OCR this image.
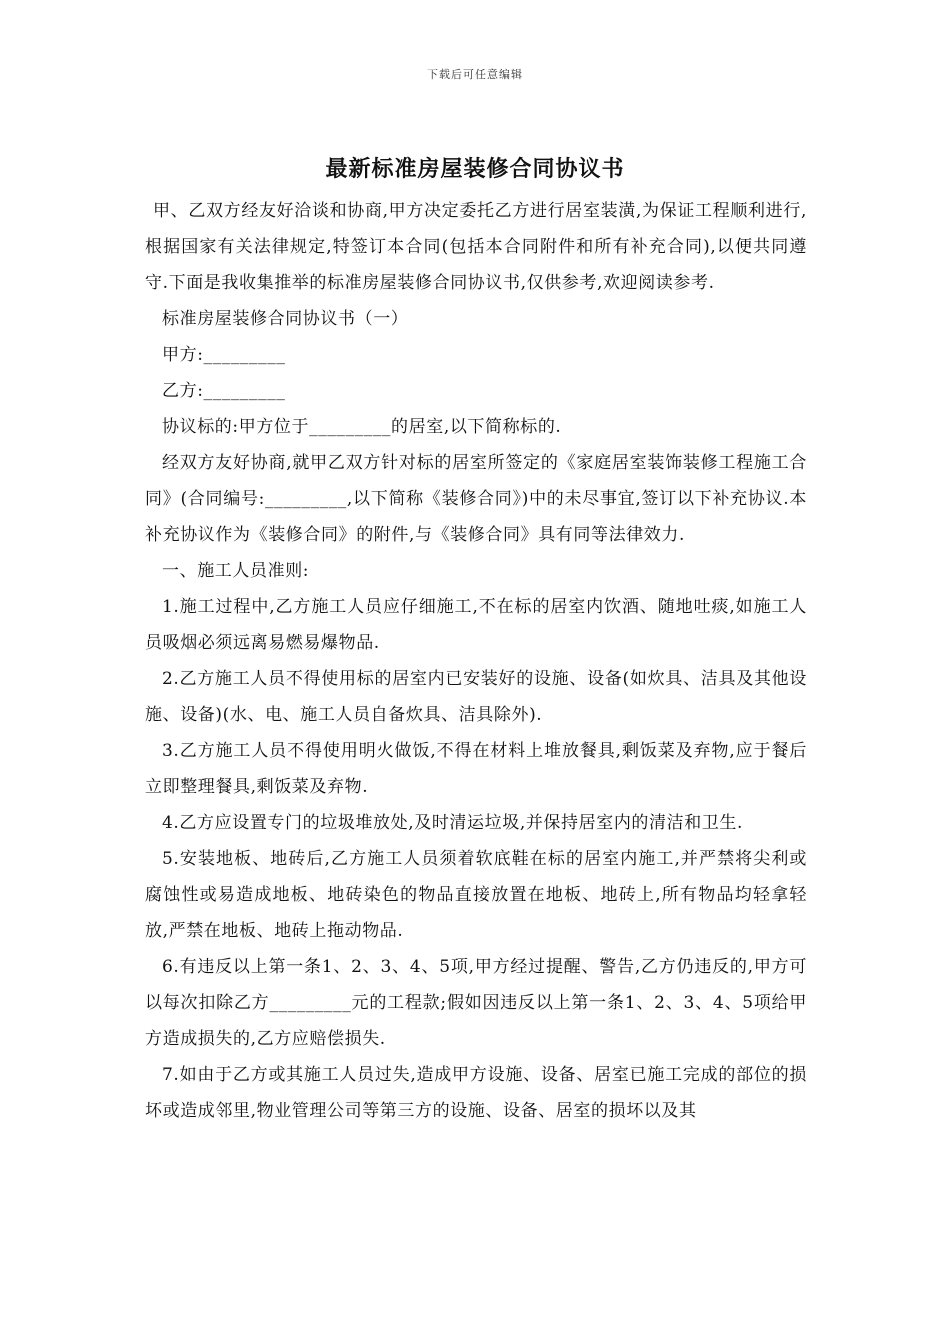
下载后可任意编辑
最新标准房屋装修合同协议书

甲、乙双方经友好洽谈和协商,甲方决定委托乙方进行居室装潢,为保证工程顺利进行,根据国家有关法律规定,特签订本合同(包括本合同附件和所有补充合同),以便共同遵守.下面是我收集推举的标准房屋装修合同协议书,仅供参考,欢迎阅读参考.

标准房屋装修合同协议书（一）

甲方:_________

乙方:_________

协议标的:甲方位于_________的居室,以下简称标的.

经双方友好协商,就甲乙双方针对标的居室所签定的《家庭居室装饰装修工程施工合同》(合同编号:_________,以下简称《装修合同》)中的未尽事宜,签订以下补充协议.本补充协议作为《装修合同》的附件,与《装修合同》具有同等法律效力.

一、施工人员准则:

1.施工过程中,乙方施工人员应仔细施工,不在标的居室内饮酒、随地吐痰,如施工人员吸烟必须远离易燃易爆物品.

2.乙方施工人员不得使用标的居室内已安装好的设施、设备(如炊具、洁具及其他设施、设备)(水、电、施工人员自备炊具、洁具除外).

3.乙方施工人员不得使用明火做饭,不得在材料上堆放餐具,剩饭菜及弃物,应于餐后立即整理餐具,剩饭菜及弃物.

4.乙方应设置专门的垃圾堆放处,及时清运垃圾,并保持居室内的清洁和卫生.

5.安装地板、地砖后,乙方施工人员须着软底鞋在标的居室内施工,并严禁将尖利或腐蚀性或易造成地板、地砖染色的物品直接放置在地板、地砖上,所有物品均轻拿轻放,严禁在地板、地砖上拖动物品.

6.有违反以上第一条1、2、3、4、5项,甲方经过提醒、警告,乙方仍违反的,甲方可以每次扣除乙方_________元的工程款;假如因违反以上第一条1、2、3、4、5项给甲方造成损失的,乙方应赔偿损失.

7.如由于乙方或其施工人员过失,造成甲方设施、设备、居室已施工完成的部位的损坏或造成邻里,物业管理公司等第三方的设施、设备、居室的损坏以及其
